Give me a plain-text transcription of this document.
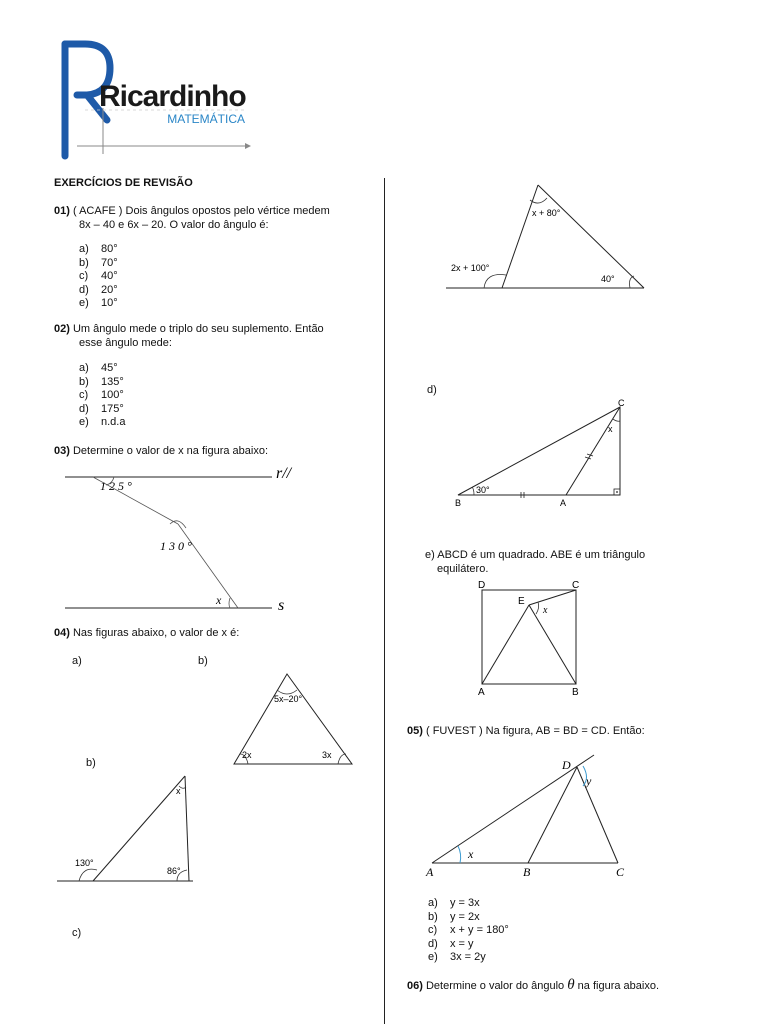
Ricardinho
MATEMÁTICA
EXERCÍCIOS DE REVISÃO
01) ( ACAFE ) Dois ângulos opostos pelo vértice medem
8x – 40 e 6x – 20. O valor do ângulo é:
a) 80°
b) 70°
c) 40°
d) 20°
e) 10°
02) Um ângulo mede o triplo do seu suplemento. Então
esse ângulo mede:
a) 45°
b) 135°
c) 100°
d) 175°
e) n.d.a
03) Determine o valor de x na figura abaixo:
r//
s
1 2 5 °
1 3 0 °
x
04) Nas figuras abaixo, o valor de x é:
a)	b)
5x–20°
2x	3x
b)
x
130°
86°
c)
x + 80°
2x + 100°
40°
d)
C
x
30°
B	A
e) ABCD é um quadrado. ABE é um triângulo
equilátero.
D	C
E
x
A	B
05) ( FUVEST ) Na figura, AB = BD = CD. Então:
D
y
x
A	B	C
a) y = 3x
b) y = 2x
c) x + y = 180°
d) x = y
e) 3x = 2y
06) Determine o valor do ângulo θ na figura abaixo.
